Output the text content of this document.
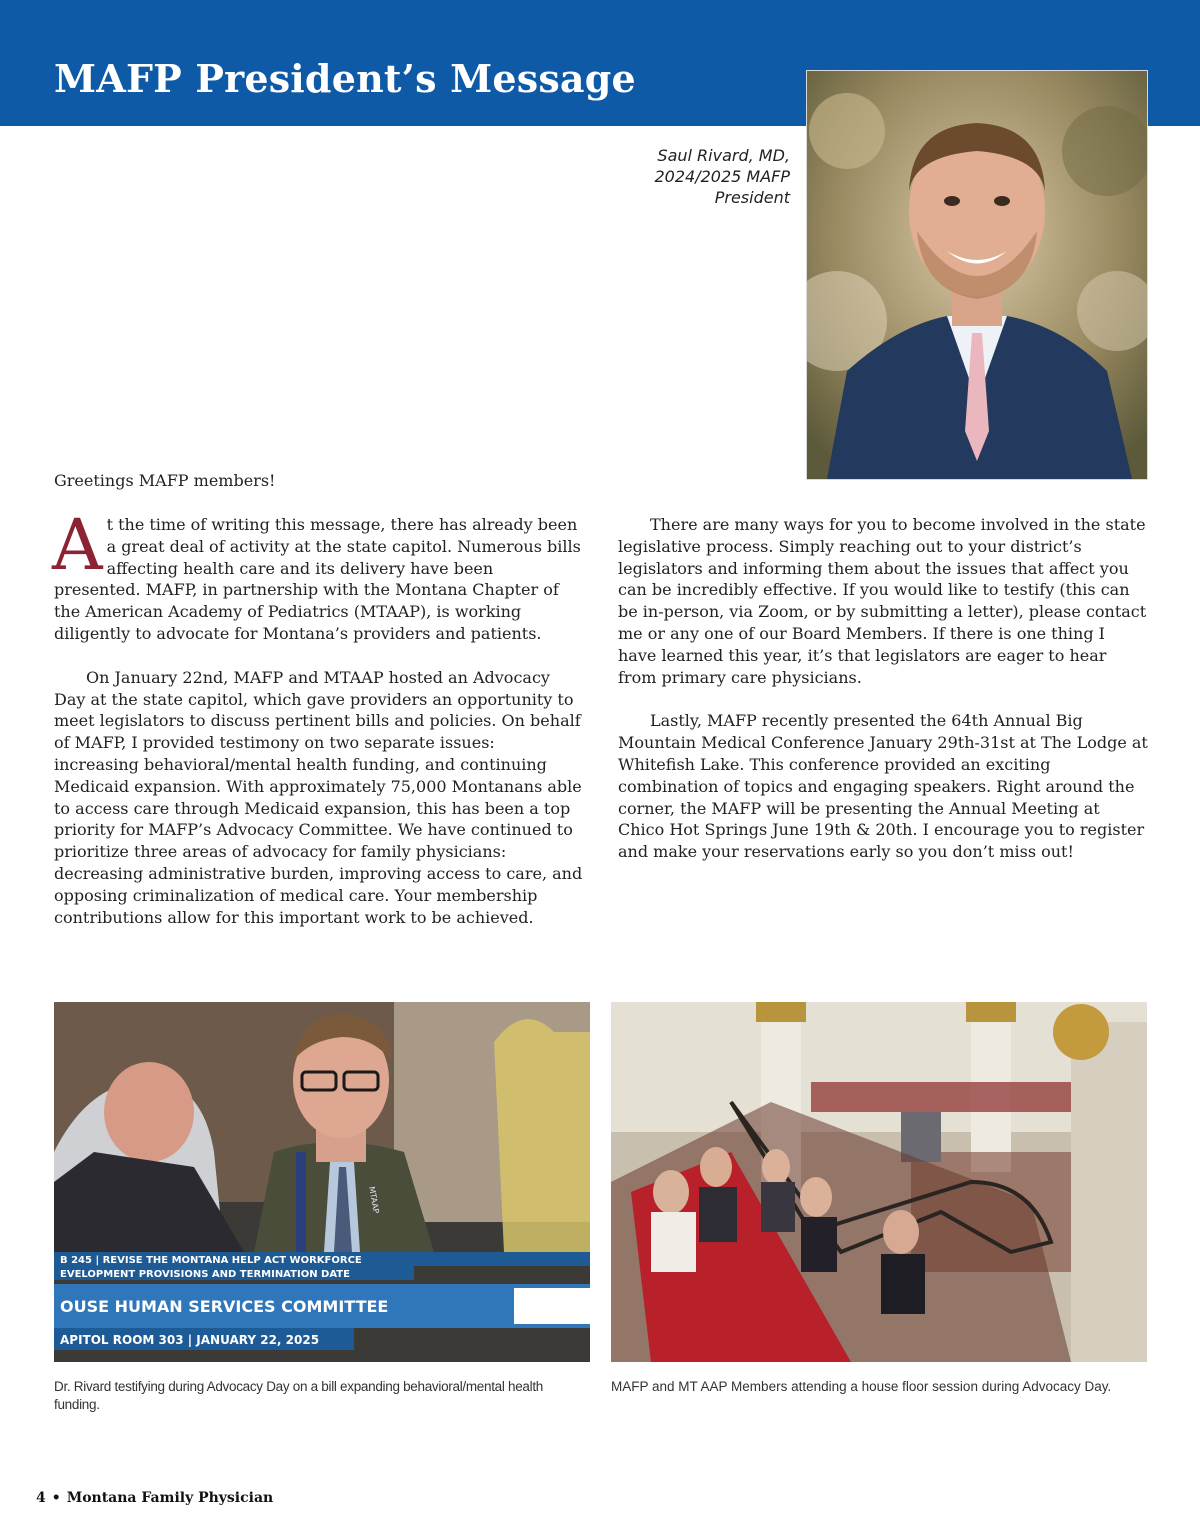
MAFP President’s Message
Saul Rivard, MD,
2024/2025 MAFP
President

Greetings MAFP members!

At the time of writing this message, there has already been a great deal of activity at the state capitol. Numerous bills affecting health care and its delivery have been presented. MAFP, in partnership with the Montana Chapter of the American Academy of Pediatrics (MTAAP), is working diligently to advocate for Montana’s providers and patients.

On January 22nd, MAFP and MTAAP hosted an Advocacy Day at the state capitol, which gave providers an opportunity to meet legislators to discuss pertinent bills and policies. On behalf of MAFP, I provided testimony on two separate issues: increasing behavioral/mental health funding, and continuing Medicaid expansion. With approximately 75,000 Montanans able to access care through Medicaid expansion, this has been a top priority for MAFP’s Advocacy Committee. We have continued to prioritize three areas of advocacy for family physicians: decreasing administrative burden, improving access to care, and opposing criminalization of medical care. Your membership contributions allow for this important work to be achieved.

There are many ways for you to become involved in the state legislative process. Simply reaching out to your district’s legislators and informing them about the issues that affect you can be incredibly effective. If you would like to testify (this can be in-person, via Zoom, or by submitting a letter), please contact me or any one of our Board Members. If there is one thing I have learned this year, it’s that legislators are eager to hear from primary care physicians.

Lastly, MAFP recently presented the 64th Annual Big Mountain Medical Conference January 29th-31st at The Lodge at Whitefish Lake. This conference provided an exciting combination of topics and engaging speakers. Right around the corner, the MAFP will be presenting the Annual Meeting at Chico Hot Springs June 19th & 20th. I encourage you to register and make your reservations early so you don’t miss out!

B 245 | REVISE THE MONTANA HELP ACT WORKFORCE
EVELOPMENT PROVISIONS AND TERMINATION DATE
OUSE HUMAN SERVICES COMMITTEE
APITOL ROOM 303 | JANUARY 22, 2025
MTAAP
Dr. Rivard testifying during Advocacy Day on a bill expanding behavioral/mental health funding.
MAFP and MT AAP Members attending a house floor session during Advocacy Day.
4 • Montana Family Physician
